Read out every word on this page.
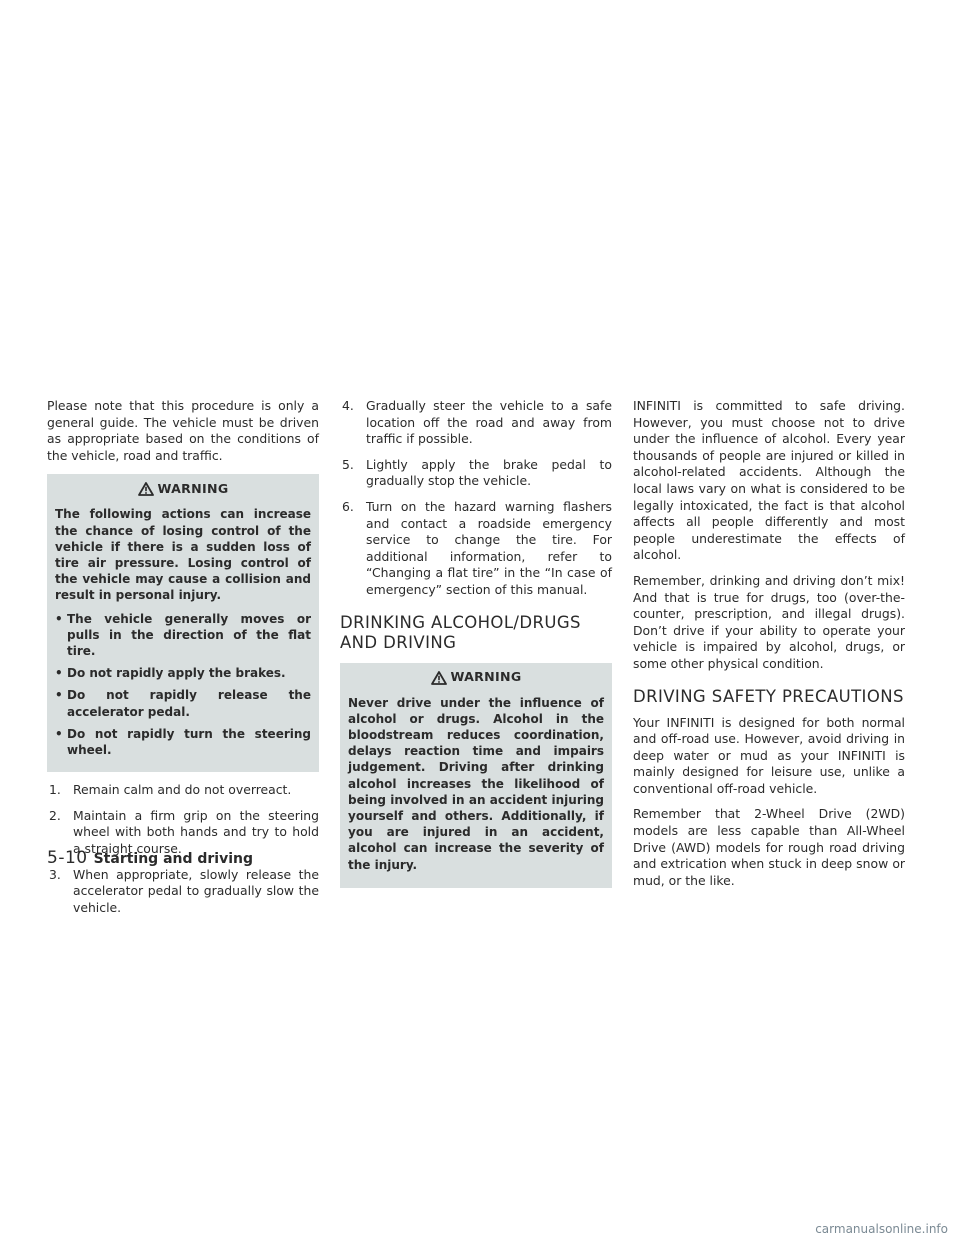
Please note that this procedure is only a general guide. The vehicle must be driven as appropriate based on the conditions of the vehicle, road and traffic.

WARNING

The following actions can increase the chance of losing control of the vehicle if there is a sudden loss of tire air pressure. Losing control of the vehicle may cause a collision and result in personal injury.

• The vehicle generally moves or pulls in the direction of the flat tire.
• Do not rapidly apply the brakes.
• Do not rapidly release the accelerator pedal.
• Do not rapidly turn the steering wheel.
1. Remain calm and do not overreact.
2. Maintain a firm grip on the steering wheel with both hands and try to hold a straight course.
3. When appropriate, slowly release the accelerator pedal to gradually slow the vehicle.
4. Gradually steer the vehicle to a safe location off the road and away from traffic if possible.
5. Lightly apply the brake pedal to gradually stop the vehicle.
6. Turn on the hazard warning flashers and contact a roadside emergency service to change the tire. For additional information, refer to “Changing a flat tire” in the “In case of emergency” section of this manual.
DRINKING ALCOHOL/DRUGS
AND DRIVING
WARNING

Never drive under the influence of alcohol or drugs. Alcohol in the bloodstream reduces coordination, delays reaction time and impairs judgement. Driving after drinking alcohol increases the likelihood of being involved in an accident injuring yourself and others. Additionally, if you are injured in an accident, alcohol can increase the severity of the injury.

INFINITI is committed to safe driving. However, you must choose not to drive under the influence of alcohol. Every year thousands of people are injured or killed in alcohol-related accidents. Although the local laws vary on what is considered to be legally intoxicated, the fact is that alcohol affects all people differently and most people underestimate the effects of alcohol.

Remember, drinking and driving don’t mix! And that is true for drugs, too (over-the-counter, prescription, and illegal drugs). Don’t drive if your ability to operate your vehicle is impaired by alcohol, drugs, or some other physical condition.

DRIVING SAFETY PRECAUTIONS

Your INFINITI is designed for both normal and off-road use. However, avoid driving in deep water or mud as your INFINITI is mainly designed for leisure use, unlike a conventional off-road vehicle.

Remember that 2-Wheel Drive (2WD) models are less capable than All-Wheel Drive (AWD) models for rough road driving and extrication when stuck in deep snow or mud, or the like.

5-10 Starting and driving
carmanualsonline.info
